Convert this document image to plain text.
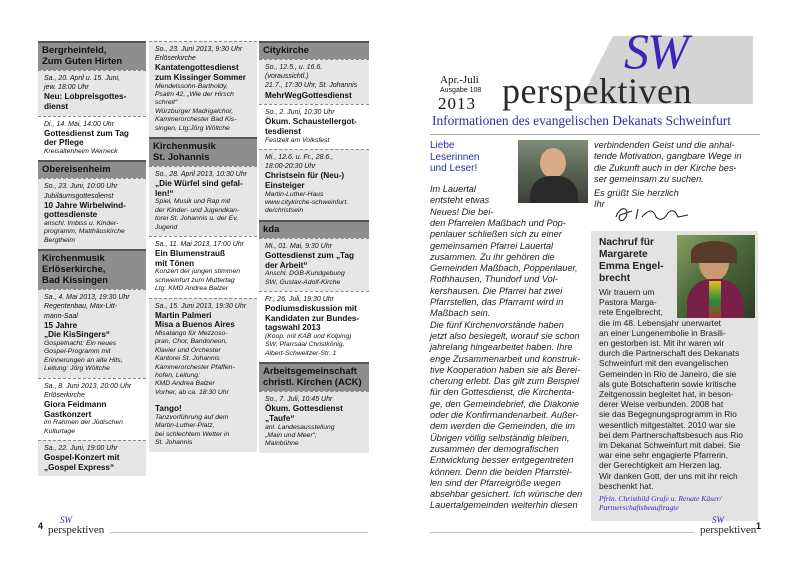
Bergrheinfeld,
Zum Guten Hirten
Sa., 20. April u. 15. Juni,
jew. 18:00 Uhr
Neu: Lobpreisgottes-
dienst
Di., 14. Mai, 14:00 Uhr
Gottesdienst zum Tag
der Pflege
Kreisaltenheim Werneck
Obereisenheim
So., 23. Juni, 10:00 Uhr
Jubiläumsgottesdienst
10 Jahre Wirbelwind-
gottesdienste
anschl. Imbiss u. Kinder-
programm, Matthäuskirche
Bergtheim
Kirchenmusik
Erlöserkirche,
Bad Kissingen
Sa., 4. Mai 2013, 19:30 Uhr
Regentenbau, Max-Litt-
mann-Saal
15 Jahre
„Die KisSingers“
Gospelnacht: Ein neues
Gospel-Programm mit
Erinnerungen an alte Hits,
Leitung: Jörg Wöltche
Sa., 8. Juni 2013, 20:00 Uhr
Erlöserkirche
Giora Feidmann
Gastkonzert
im Rahmen der Jüdischen
Kulturtage
Sa., 22. Juni, 19:00 Uhr
Gospel-Konzert mit
„Gospel Express“
So., 23. Juni 2013, 9:30 Uhr
Erlöserkirche
Kantatengottesdienst
zum Kissinger Sommer
Mendelssohn-Bartholdy,
Psalm 42, „Wie der Hirsch
schreit“
Würzburger Madrigalchor,
Kammerorchester Bad Kis-
singen, Ltg:Jörg Wöltche
Kirchenmusik
St. Johannis
So., 28. April 2013, 10:30 Uhr
„Die Würfel sind gefal-
len!“
Spiel, Musik und Rap mit
der Kinder- und Jugendkan-
torei St. Johannis u. der Ev.
Jugend
Sa., 11. Mai 2013, 17:00 Uhr
Ein Blumenstrauß
mit Tönen
Konzert der jungen stimmen
schweinfurt zum Muttertag
Ltg: KMD Andrea Balzer
Sa., 15. Juni 2013, 19:30 Uhr
Martin Palmeri
Misa a Buenos Aires
Misatango für Mezzoso-
pran, Chor, Bandoneon,
Klavier und Orchester
Kantorei St. Johannis
Kammerorchester Pfaffen-
hofen, Leitung:
KMD Andrea Balzer
Vorher, ab ca. 18:30 Uhr
Tango!
Tanzvorführung auf dem
Martin-Luther-Platz,
bei schlechtem Wetter in
St. Johannis
Citykirche
So., 12.5., u. 16.6. (voraussichtl.)
21.7., 17:30 Uhr, St. Johannis
MehrWegGottesdienst
So., 2. Juni, 10:30 Uhr
Ökum. Schaustellergot-
tesdienst
Festzelt am Volksfest
Mi., 12.6. u. Fr., 28.6.,
18:00-20:30 Uhr
Christsein für (Neu-)
Einsteiger
Martin-Luther-Haus
www.citykirche-schweinfurt.
de/christsein
kda
Mi., 01. Mai, 9:30 Uhr
Gottesdienst zum „Tag
der Arbeit“
Anschl. DGB-Kundgebung
SW, Gustav-Adolf-Kirche
Fr., 26. Juli, 19:30 Uhr
Podiumsdiskussion mit
Kandidaten zur Bundes-
tagswahl 2013
(Koop. mit KAB und Kolping)
SW, Pfarrsaal Christkönig,
Albert-Schweitzer-Str. 1
Arbeitsgemeinschaft
christl. Kirchen (ACK)
So., 7. Juli, 10:45 Uhr
Ökum. Gottesdienst
„Taufe“
anl. Landesausstellung
„Main und Meer“;
Mainbühne
4
SW
perspektiven
SW
Apr.-Juli
Ausgabe 108
2013 perspektiven
Informationen des evangelischen Dekanats Schweinfurt
Liebe
Leserinnen
und Leser!
Im Lauertal
entsteht etwas
Neues! Die bei-
den Pfarreien Maßbach und Pop-
penlauer schließen sich zu einer
gemeinsamen Pfarrei Lauertal
zusammen. Zu ihr gehören die
Gemeinden Maßbach, Poppenlauer,
Rothhausen, Thundorf und Vol-
kershausen. Die Pfarrei hat zwei
Pfarrstellen, das Pfarramt wird in
Maßbach sein.
Die fünf Kirchenvorstände haben
jetzt also besiegelt, worauf sie schon
jahrelang hingearbeitet haben. Ihre
enge Zusammenarbeit und konstruk-
tive Kooperation haben sie als Berei-
cherung erlebt. Das gilt zum Beispiel
für den Gottesdienst, die Kirchenta-
ge, den Gemeindebrief, die Diakonie
oder die Konfirmandenarbeit. Außer-
dem werden die Gemeinden, die im
Übrigen völlig selbständig bleiben,
zusammen der demografischen
Entwicklung besser entgegentreten
können. Denn die beiden Pfarrstel-
len sind der Pfarreigröße wegen
absehbar gesichert. Ich wünsche den
Lauertalgemeinden weiterhin diesen
verbindenden Geist und die anhal-
tende Motivation, gangbare Wege in
die Zukunft auch in der Kirche bes-
ser gemeinsam zu suchen.
Es grüßt Sie herzlich
Ihr
Nachruf für
Margarete
Emma Engel-
brecht
Wir trauern um
Pastora Marga-
rete Engelbrecht,
die im 48. Lebensjahr unerwartet
an einer Lungenembolie in Brasili-
en gestorben ist. Mit ihr waren wir
durch die Partnerschaft des Dekanats
Schweinfurt mit den evangelischen
Gemeinden in Rio de Janeiro, die sie
als gute Botschafterin sowie kritische
Zeitgenossin begleitet hat, in beson-
derer Weise verbunden. 2008 hat
sie das Begegnungsprogramm in Rio
wesentlich mitgestaltet. 2010 war sie
bei dem Partnerschaftsbesuch aus Rio
im Dekanat Schweinfurt mit dabei. Sie
war eine sehr engagierte Pfarrerin,
der Gerechtigkeit am Herzen lag.
Wir danken Gott, der uns mit ihr reich
beschenkt hat.
Pfrin. Christhild Grafe u. Renate Käser/
Partnerschaftsbeauftragte
SW
perspektiven 1
